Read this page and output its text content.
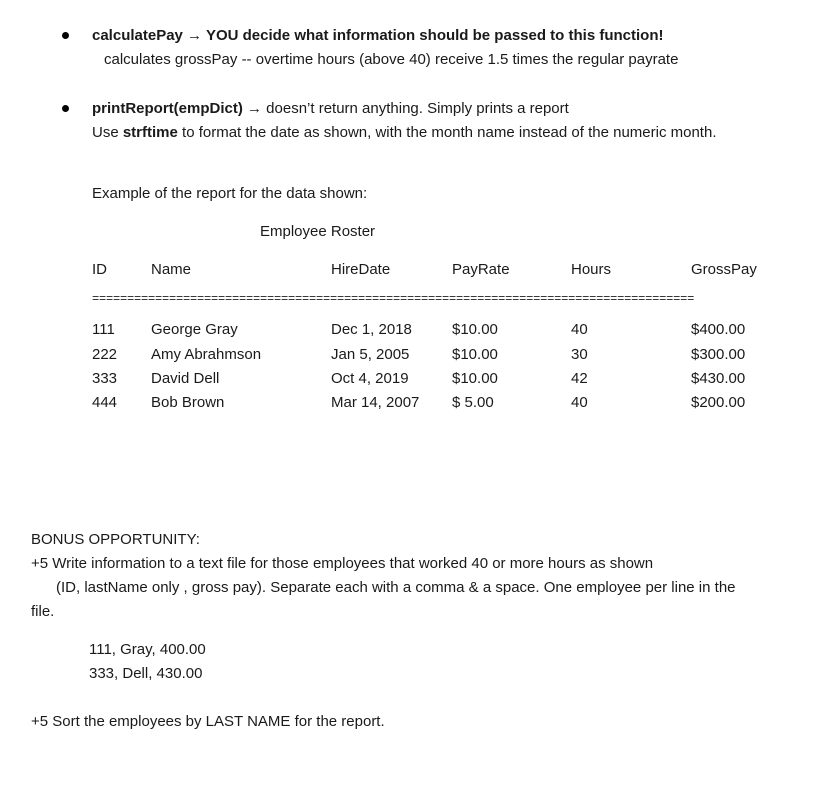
calculatePay → YOU decide what information should be passed to this function!
calculates grossPay -- overtime hours (above 40) receive 1.5 times the regular payrate
printReport(empDict) → doesn’t return anything. Simply prints a report
Use strftime to format the date as shown, with the month name instead of the numeric month.
Example of the report for the data shown:
Employee Roster
ID	Name	HireDate	PayRate	Hours	GrossPay
======================================================================================
111 George Gray	Dec 1, 2018	$10.00	40	$400.00
222 Amy Abrahmson	Jan 5, 2005	$10.00	30	$300.00
333 David Dell	Oct 4, 2019	$10.00	42	$430.00
444 Bob Brown	Mar 14, 2007 $ 5.00	40	$200.00
BONUS OPPORTUNITY:
+5 Write information to a text file for those employees that worked 40 or more hours as shown
(ID, lastName only , gross pay). Separate each with a comma & a space. One employee per line in the
file.
111, Gray, 400.00
333, Dell, 430.00
+5 Sort the employees by LAST NAME for the report.
